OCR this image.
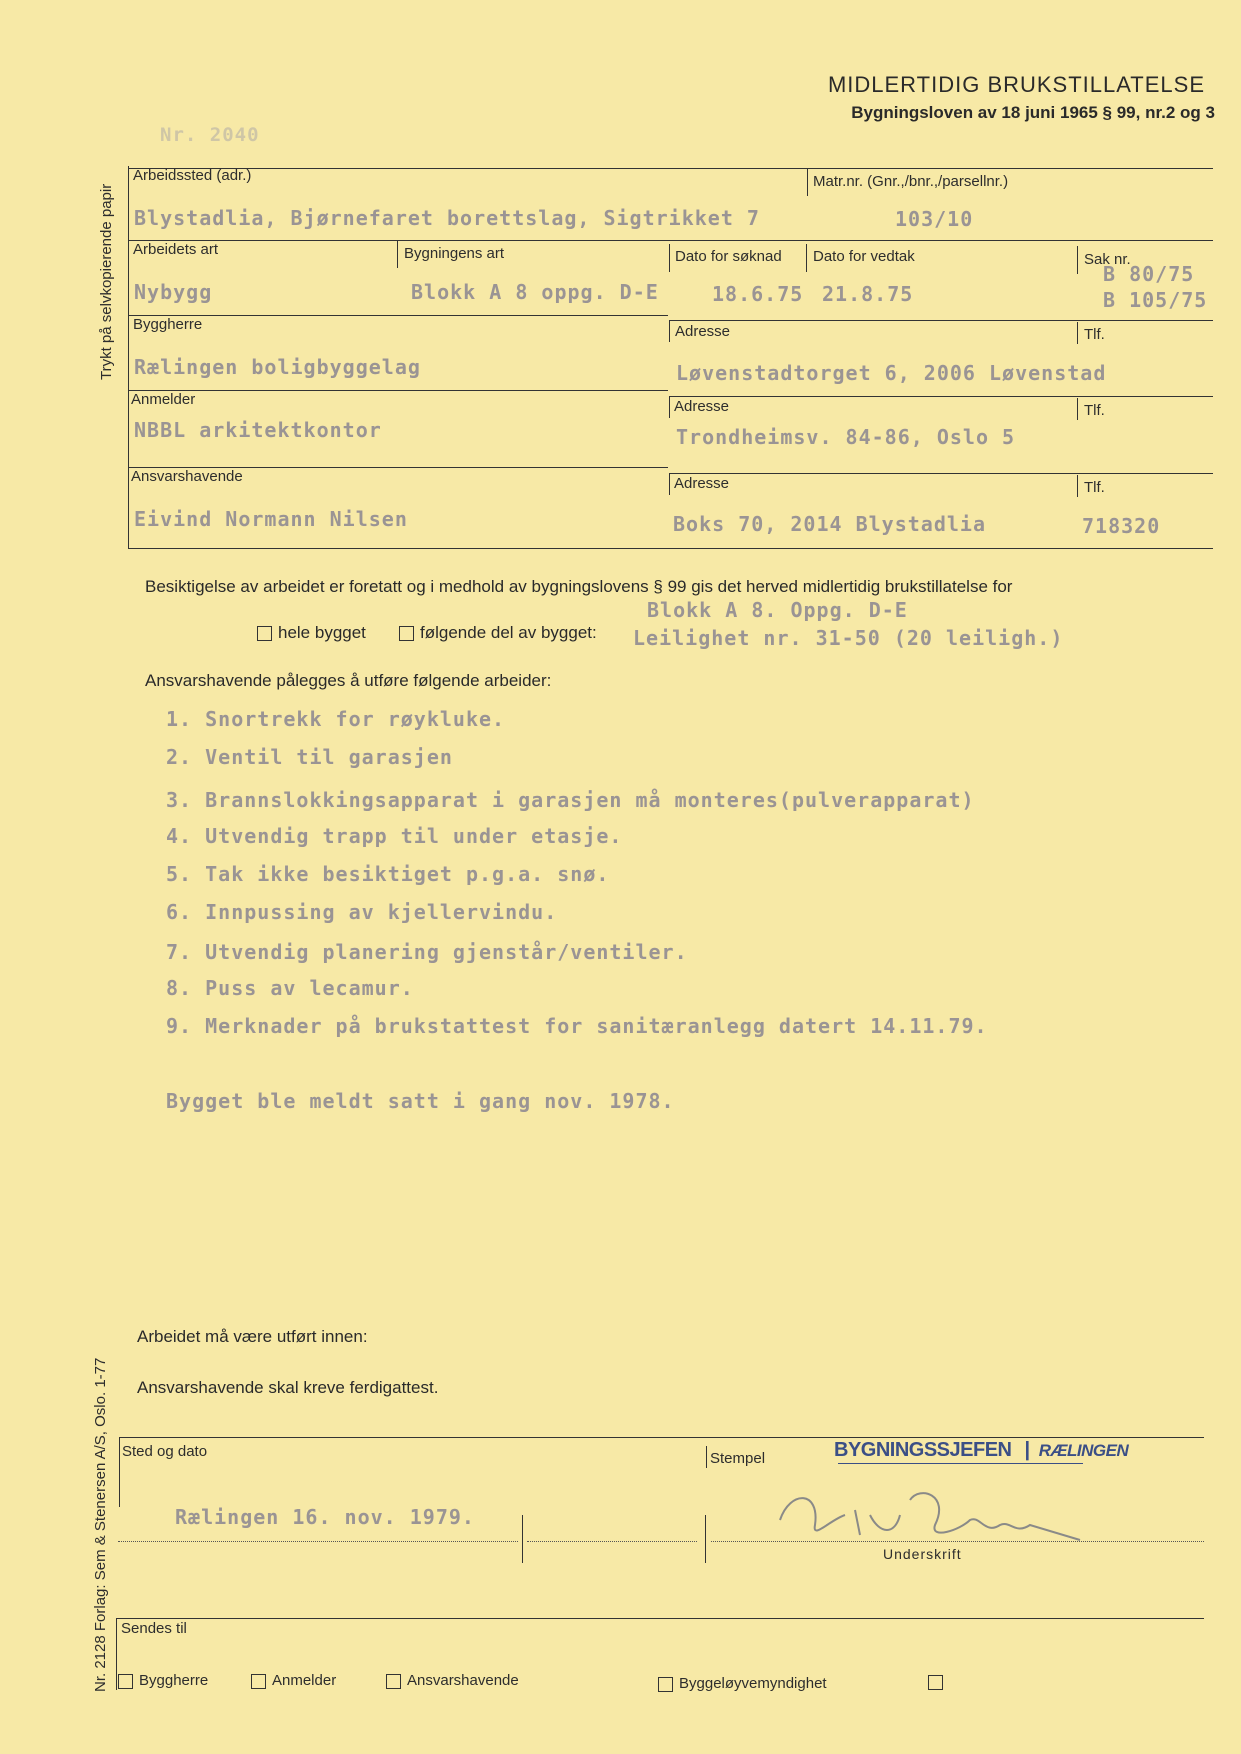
MIDLERTIDIG BRUKSTILLATELSE
Bygningsloven av 18 juni 1965 § 99, nr.2 og 3
Nr. 2040
Trykt på selvkopierende papir
Nr. 2128 Forlag: Sem & Stenersen A/S, Oslo. 1-77
Arbeidssted (adr.)	Matr.nr. (Gnr.,/bnr.,/parsellnr.)
Blystadlia, Bjørnefaret borettslag, Sigtrikket 7	103/10
Arbeidets art	Bygningens art	Dato for søknad Dato for vedtak	Sak nr.
Nybygg	Blokk A 8 oppg. D-E	18.6.75 21.8.75
B 80/75
B 105/75
Byggherre	Adresse	Tlf.
Rælingen boligbyggelag	Løvenstadtorget 6, 2006 Løvenstad
Anmelder	Adresse	Tlf.
NBBL arkitektkontor	Trondheimsv. 84-86, Oslo 5
Ansvarshavende	Adresse	Tlf.
Eivind Normann Nilsen	Boks 70, 2014 Blystadlia	718320
Besiktigelse av arbeidet er foretatt og i medhold av bygningslovens § 99 gis det herved midlertidig brukstillatelse for
hele bygget	følgende del av bygget:
Blokk A 8. Oppg. D-E
Leilighet nr. 31-50 (20 leiligh.)
Ansvarshavende pålegges å utføre følgende arbeider:
1. Snortrekk for røykluke.
2. Ventil til garasjen
3. Brannslokkingsapparat i garasjen må monteres(pulverapparat)
4. Utvendig trapp til under etasje.
5. Tak ikke besiktiget p.g.a. snø.
6. Innpussing av kjellervindu.
7. Utvendig planering gjenstår/ventiler.
8. Puss av lecamur.
9. Merknader på brukstattest for sanitæranlegg datert 14.11.79.
Bygget ble meldt satt i gang nov. 1978.
Arbeidet må være utført innen:
Ansvarshavende skal kreve ferdigattest.
Sted og dato
Rælingen 16. nov. 1979.
Stempel	BYGNINGSSJEFEN | RÆLINGEN
Underskrift
Sendes til
Byggherre	Anmelder	Ansvarshavende	Byggeløyvemyndighet
